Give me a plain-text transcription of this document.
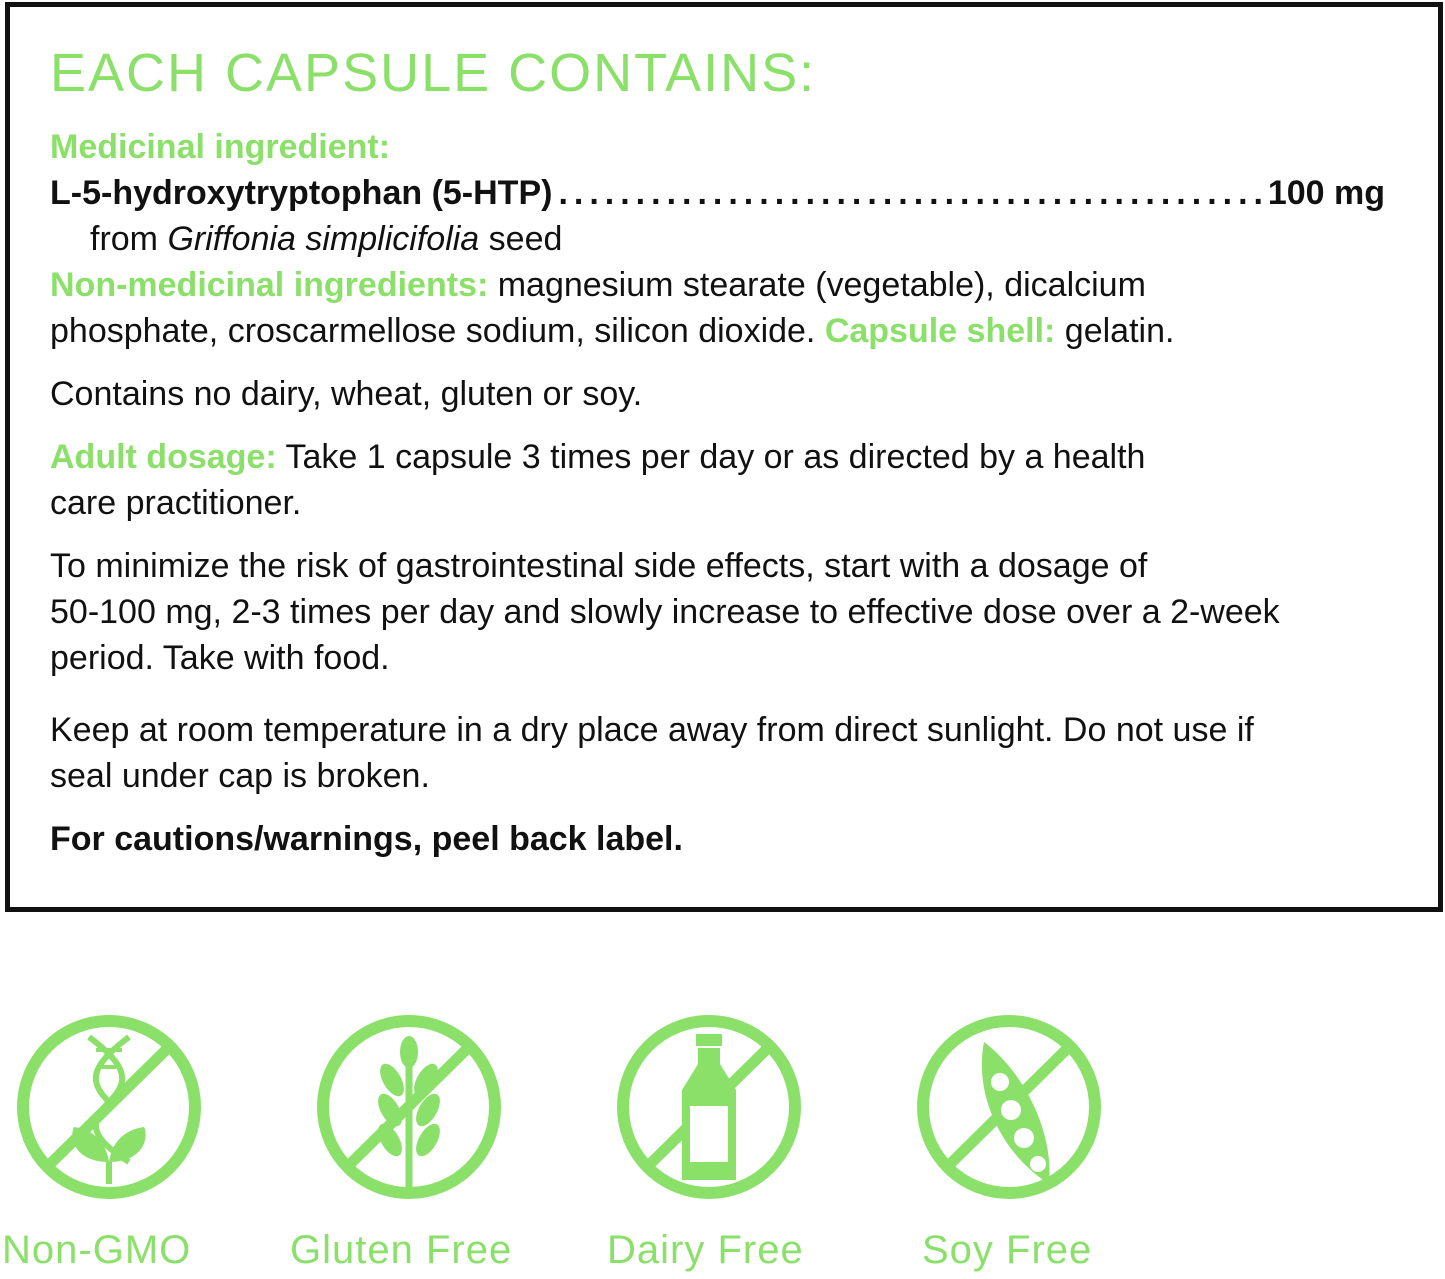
EACH CAPSULE CONTAINS:
Medicinal ingredient:
L-5-hydroxytryptophan (5-HTP)
.....	100 mg
from Griffonia simplicifolia seed
Non-medicinal ingredients: magnesium stearate (vegetable), dicalcium
phosphate, croscarmellose sodium, silicon dioxide. Capsule shell: gelatin.
Contains no dairy, wheat, gluten or soy.
Adult dosage: Take 1 capsule 3 times per day or as directed by a health
care practitioner.
To minimize the risk of gastrointestinal side effects, start with a dosage of
50-100 mg, 2-3 times per day and slowly increase to effective dose over a 2-week
period. Take with food.
Keep at room temperature in a dry place away from direct sunlight. Do not use if
seal under cap is broken.
For cautions/warnings, peel back label.
Non-GMO Gluten Free Dairy Free	Soy Free
